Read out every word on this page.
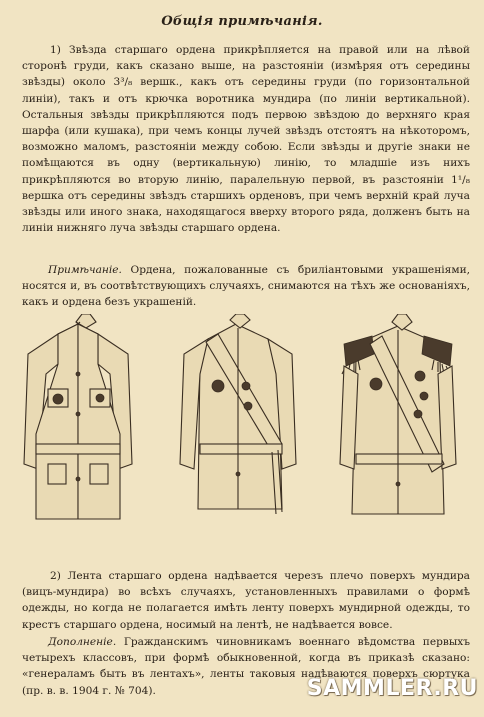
Общія примѣчанія.

1) Звѣзда старшаго ордена прикрѣпляется на правой или на лѣвой сторонѣ груди, какъ сказано выше, на разстояніи (измѣряя отъ середины звѣзды) около 3³/₈ вершк., какъ отъ середины груди (по горизонтальной линіи), такъ и отъ крючка воротника мундира (по линіи вертикальной). Остальныя звѣзды прикрѣпляются подъ первою звѣздою до верхняго края шарфа (или кушака), при чемъ концы лучей звѣздъ отстоятъ на нѣкоторомъ, возможно маломъ, разстояніи между собою. Если звѣзды и другіе знаки не помѣщаются въ одну (вертикальную) линію, то младшіе изъ нихъ прикрѣпляются во вторую линію, паралельную первой, въ разстояніи 1¹/₈ вершка отъ середины звѣздъ старшихъ орденовъ, при чемъ верхній край луча звѣзды или иного знака, находящагося вверху второго ряда, долженъ быть на линіи нижняго луча звѣзды старшаго ордена.

Примѣчаніе. Ордена, пожалованные съ бриліантовыми украшеніями, носятся и, въ соотвѣтствующихъ случаяхъ, снимаются на тѣхъ же основаніяхъ, какъ и ордена безъ украшеній.

2) Лента старшаго ордена надѣвается черезъ плечо поверхъ мундира (вицъ-мундира) во всѣхъ случаяхъ, установленныхъ правилами о формѣ одежды, но когда не полагается имѣть ленту поверхъ мундирной одежды, то крестъ старшаго ордена, носимый на лентѣ, не надѣвается вовсе.

Дополненіе. Гражданскимъ чиновникамъ военнаго вѣдомства первыхъ четырехъ классовъ, при формѣ обыкновенной, когда въ приказѣ сказано: «генераламъ быть въ лентахъ», ленты таковыя надѣваются поверхъ сюртука (пр. в. в. 1904 г. № 704).	SAMMLER.RU
